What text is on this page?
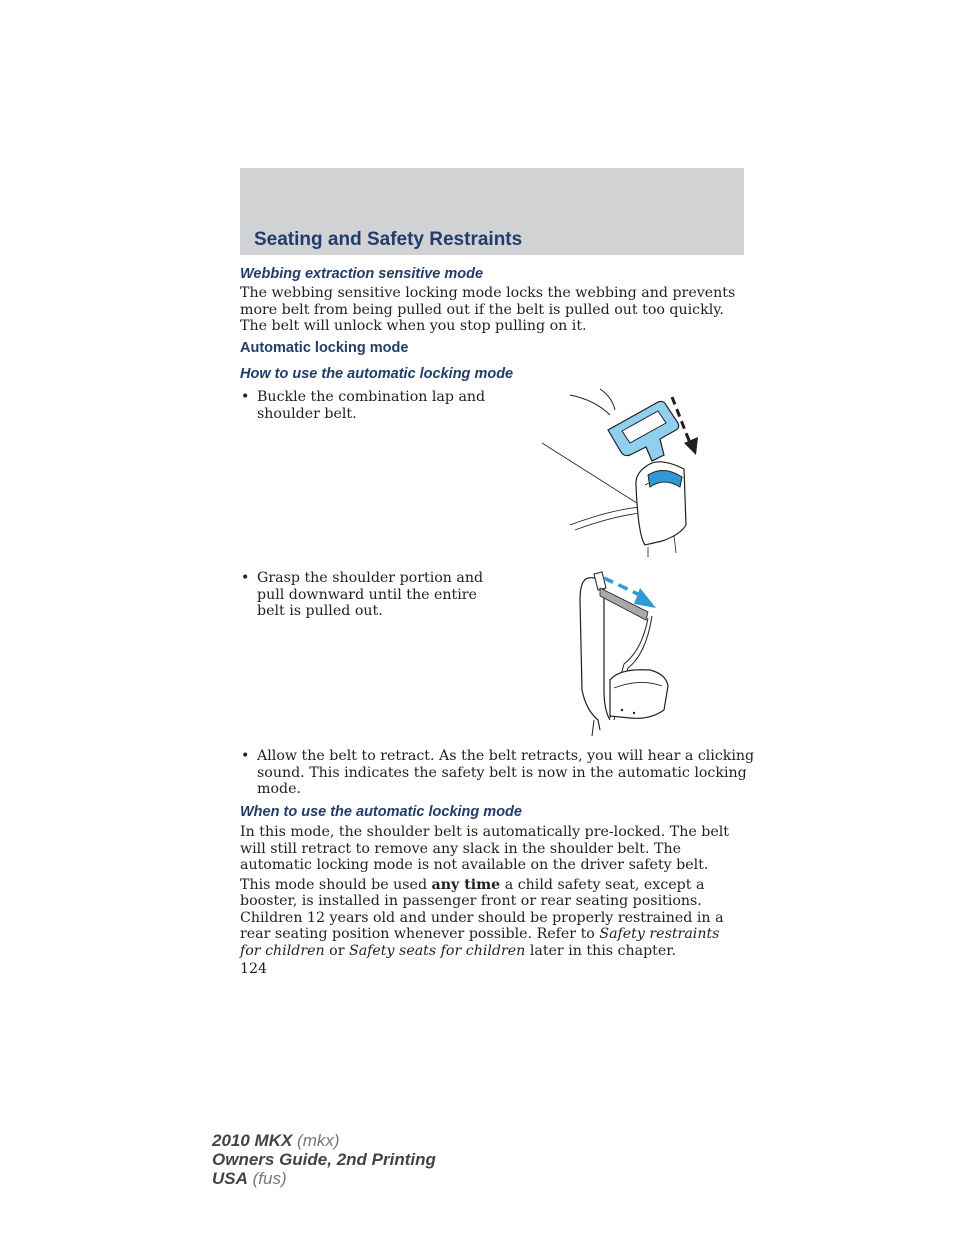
Seating and Safety Restraints
Webbing extraction sensitive mode

The webbing sensitive locking mode locks the webbing and prevents more belt from being pulled out if the belt is pulled out too quickly. The belt will unlock when you stop pulling on it.

Automatic locking mode
How to use the automatic locking mode
• Buckle the combination lap and shoulder belt.
• Grasp the shoulder portion and pull downward until the entire belt is pulled out.
• Allow the belt to retract. As the belt retracts, you will hear a clicking sound. This indicates the safety belt is now in the automatic locking mode.
When to use the automatic locking mode

In this mode, the shoulder belt is automatically pre-locked. The belt will still retract to remove any slack in the shoulder belt. The automatic locking mode is not available on the driver safety belt.

This mode should be used any time a child safety seat, except a booster, is installed in passenger front or rear seating positions. Children 12 years old and under should be properly restrained in a rear seating position whenever possible. Refer to Safety restraints for children or Safety seats for children later in this chapter.

124
2010 MKX (mkx)
Owners Guide, 2nd Printing
USA (fus)
